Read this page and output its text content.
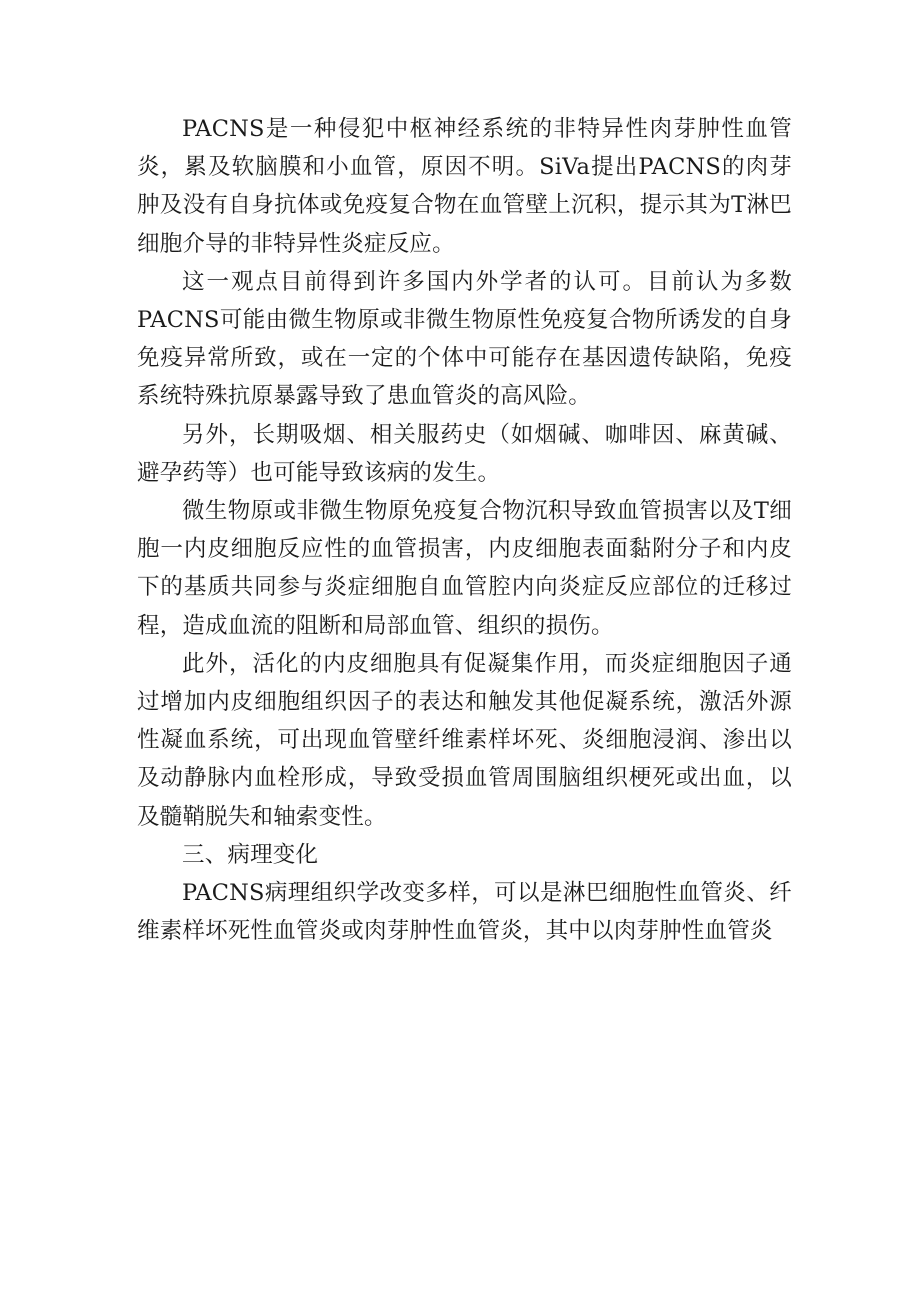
PACNS是一种侵犯中枢神经系统的非特异性肉芽肿性血管炎，累及软脑膜和小血管，原因不明。SiVa提出PACNS的肉芽肿及没有自身抗体或免疫复合物在血管壁上沉积，提示其为T淋巴细胞介导的非特异性炎症反应。

这一观点目前得到许多国内外学者的认可。目前认为多数PACNS可能由微生物原或非微生物原性免疫复合物所诱发的自身免疫异常所致，或在一定的个体中可能存在基因遗传缺陷，免疫系统特殊抗原暴露导致了患血管炎的高风险。

另外，长期吸烟、相关服药史（如烟碱、咖啡因、麻黄碱、避孕药等）也可能导致该病的发生。

微生物原或非微生物原免疫复合物沉积导致血管损害以及T细胞一内皮细胞反应性的血管损害，内皮细胞表面黏附分子和内皮下的基质共同参与炎症细胞自血管腔内向炎症反应部位的迁移过程，造成血流的阻断和局部血管、组织的损伤。

此外，活化的内皮细胞具有促凝集作用，而炎症细胞因子通过增加内皮细胞组织因子的表达和触发其他促凝系统，激活外源性凝血系统，可出现血管壁纤维素样坏死、炎细胞浸润、渗出以及动静脉内血栓形成，导致受损血管周围脑组织梗死或出血，以及髓鞘脱失和轴索变性。

三、病理变化

PACNS病理组织学改变多样，可以是淋巴细胞性血管炎、纤维素样坏死性血管炎或肉芽肿性血管炎，其中以肉芽肿性血管炎
